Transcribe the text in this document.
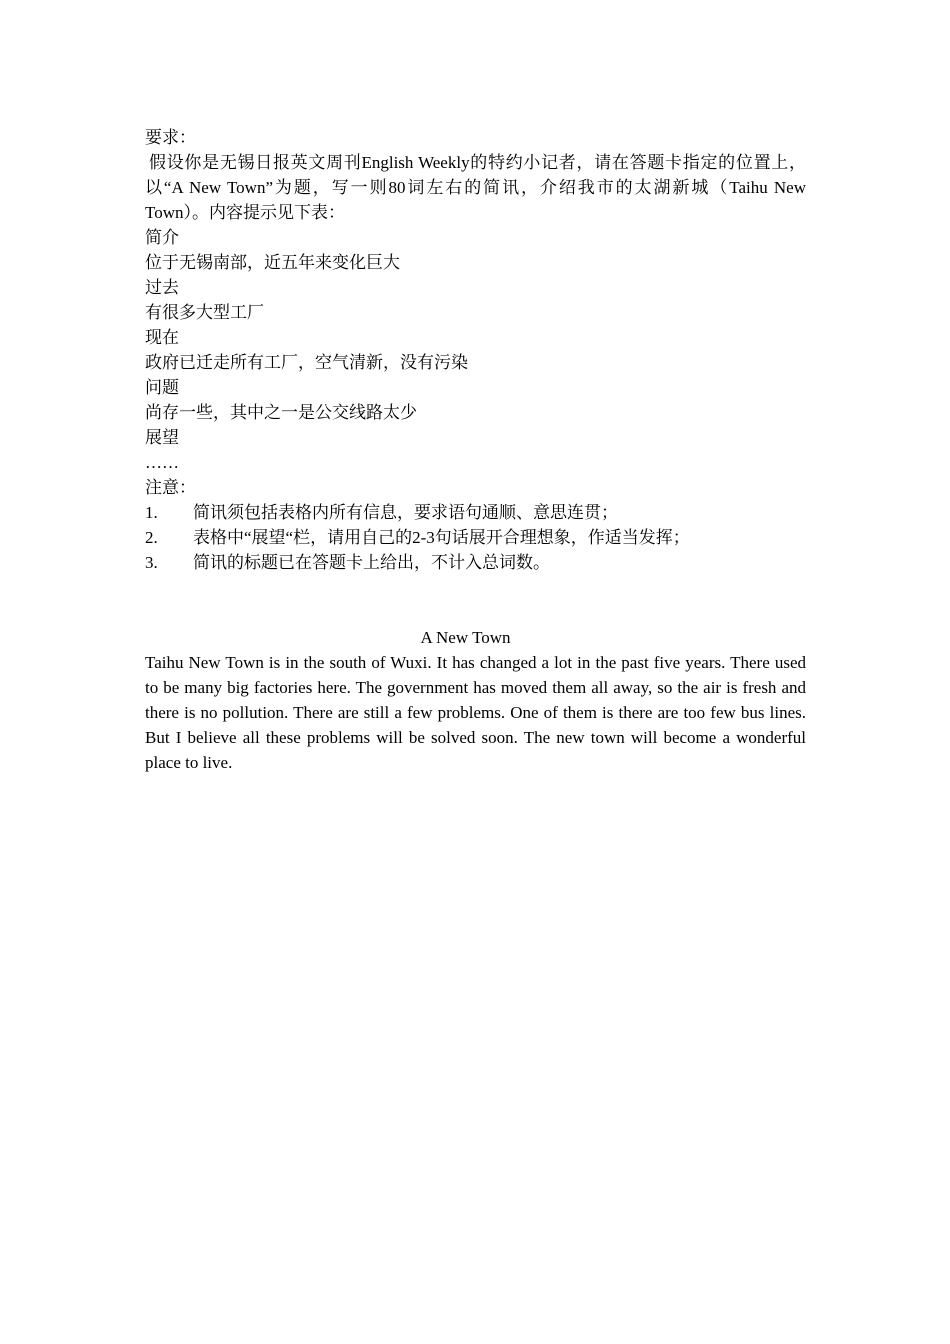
要求：
假设你是无锡日报英文周刊English Weekly的特约小记者，请在答题卡指定的位置上，以“A New Town”为题，写一则80词左右的简讯，介绍我市的太湖新城（Taihu New Town）。内容提示见下表：
简介
位于无锡南部，近五年来变化巨大
过去
有很多大型工厂
现在
政府已迁走所有工厂，空气清新，没有污染
问题
尚存一些，其中之一是公交线路太少
展望
……
注意：
1.	简讯须包括表格内所有信息，要求语句通顺、意思连贯；
2.	表格中“展望“栏，请用自己的2-3句话展开合理想象，作适当发挥；
3.	简讯的标题已在答题卡上给出，不计入总词数。
A New Town
Taihu New Town is in the south of Wuxi. It has changed a lot in the past five years. There used to be many big factories here. The government has moved them all away, so the air is fresh and there is no pollution. There are still a few problems. One of them is there are too few bus lines. But I believe all these problems will be solved soon. The new town will become a wonderful place to live.
